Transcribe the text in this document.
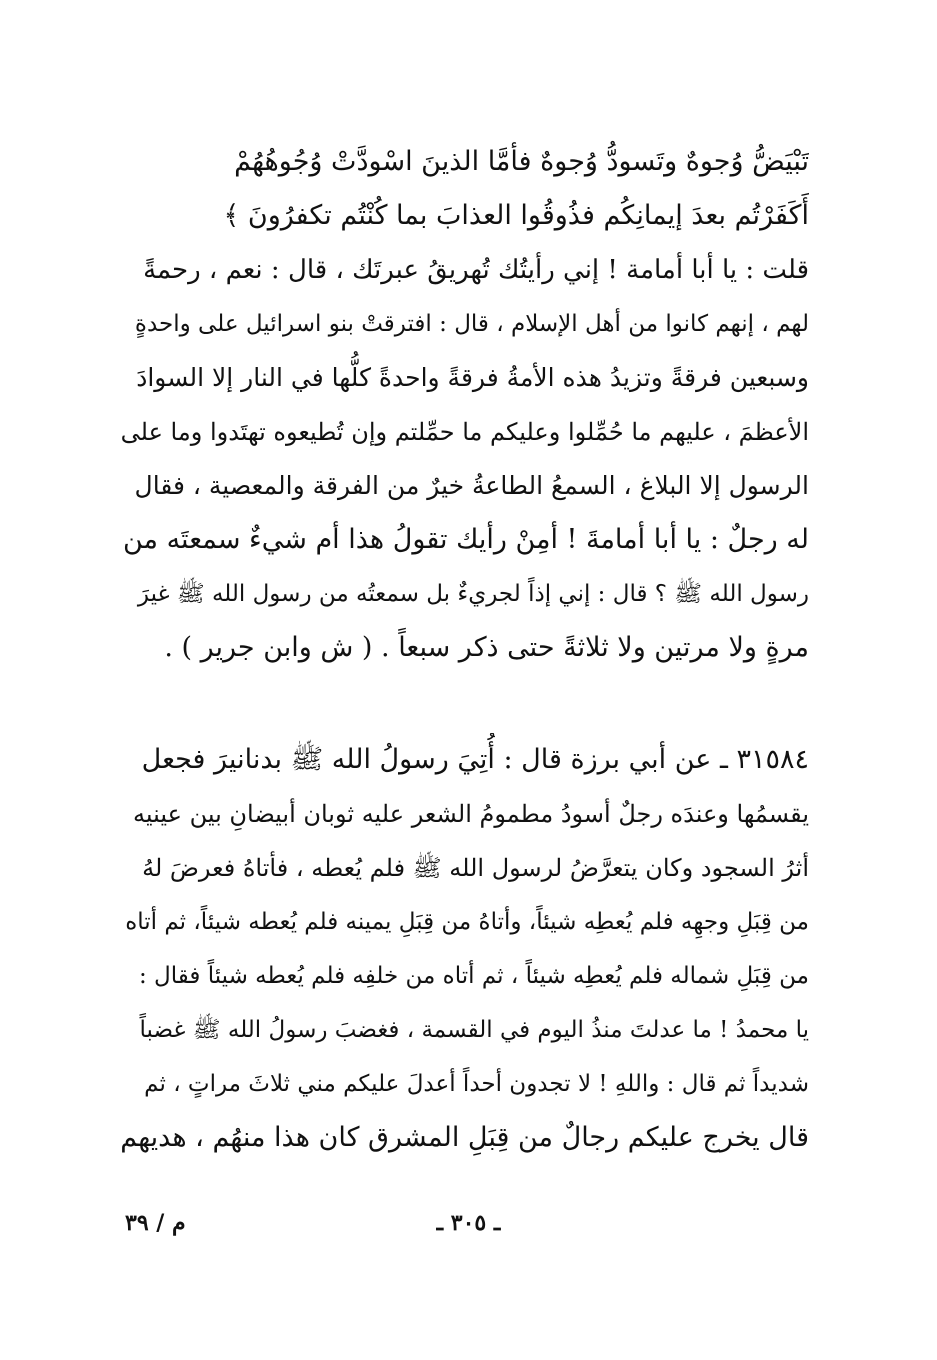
تَبْيَضُّ وُجوهٌ وتَسودُّ وُجوهٌ فأمَّا الذينَ اسْودَّتْ وُجُوهُهُمْ
أَكَفَرْتُم بعدَ إيمانِكُم فذُوقُوا العذابَ بما كُنْتُم تكفرُونَ ﴾
قلت : يا أبا أمامة ! إني رأيتُك تُهريقُ عبرتَك ، قال : نعم ، رحمةً
لهم ، إنهم كانوا من أهل الإسلام ، قال : افترقتْ بنو اسرائيل على واحدةٍ
وسبعين فرقةً وتزيدُ هذه الأمةُ فرقةً واحدةً كلُّها في النار إلا السوادَ
الأعظمَ ، عليهم ما حُمِّلوا وعليكم ما حمِّلتم وإن تُطيعوه تهتَدوا وما على
الرسول إلا البلاغ ، السمعُ الطاعةُ خيرٌ من الفرقة والمعصية ، فقال
له رجلٌ : يا أبا أمامةَ ! أمِنْ رأيك تقولُ هذا أم شيءٌ سمعتَه من
رسول الله ﷺ ؟ قال : إني إذاً لجريءٌ بل سمعتُه من رسول الله ﷺ غيرَ
مرةٍ ولا مرتين ولا ثلاثةً حتى ذكر سبعاً . ( ش وابن جرير ) .
٣١٥٨٤ ـ عن أبي برزة قال : أُتِيَ رسولُ الله ﷺ بدنانيرَ فجعل
يقسمُها وعندَه رجلٌ أسودُ مطمومُ الشعر عليه ثوبان أبيضانِ بين عينيه
أثرُ السجود وكان يتعرَّضُ لرسول الله ﷺ فلم يُعطه ، فأتاهُ فعرضَ لهُ
من قِبَلِ وجهِه فلم يُعطِه شيئاً، وأتاهُ من قِبَلِ يمينه فلم يُعطه شيئاً، ثم أتاه
من قِبَلِ شماله فلم يُعطِه شيئاً ، ثم أتاه من خلفِه فلم يُعطه شيئاً فقال :
يا محمدُ ! ما عدلتَ منذُ اليوم في القسمة ، فغضبَ رسولُ الله ﷺ غضباً
شديداً ثم قال : واللهِ ! لا تجدون أحداً أعدلَ عليكم مني ثلاثَ مراتٍ ، ثم
قال يخرج عليكم رجالٌ من قِبَلِ المشرق كان هذا منهُم ، هديهم
ـ ٣٠٥ ـ
م / ٣٩
